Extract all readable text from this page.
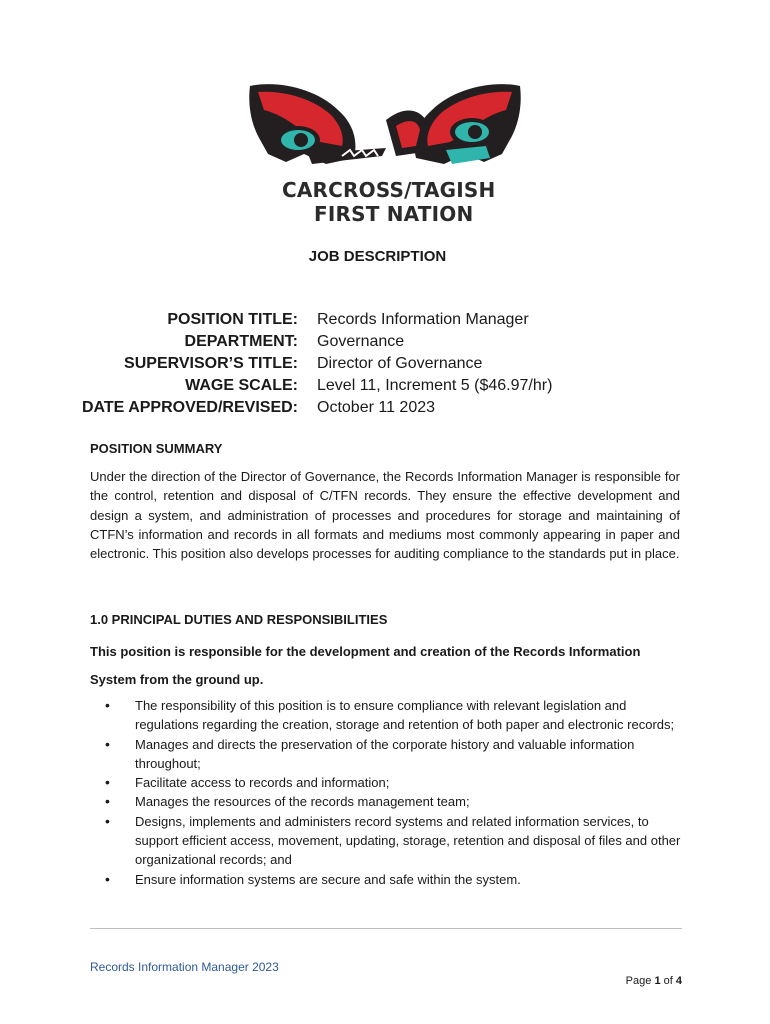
CARCROSS/TAGISH
FIRST NATION
JOB DESCRIPTION
POSITION TITLE: Records Information Manager
DEPARTMENT: Governance
SUPERVISOR’S TITLE: Director of Governance
WAGE SCALE: Level 11, Increment 5 ($46.97/hr)
DATE APPROVED/REVISED: October 11 2023
POSITION SUMMARY

Under the direction of the Director of Governance, the Records Information Manager is responsible for the control, retention and disposal of C/TFN records. They ensure the effective development and design a system, and administration of processes and procedures for storage and maintaining of CTFN’s information and records in all formats and mediums most commonly appearing in paper and electronic. This position also develops processes for auditing compliance to the standards put in place.

1.0 PRINCIPAL DUTIES AND RESPONSIBILITIES

This position is responsible for the development and creation of the Records Information System from the ground up.

• The responsibility of this position is to ensure compliance with relevant legislation and regulations regarding the creation, storage and retention of both paper and electronic records;
• Manages and directs the preservation of the corporate history and valuable information throughout;
• Facilitate access to records and information;
• Manages the resources of the records management team;
• Designs, implements and administers record systems and related information services, to support efficient access, movement, updating, storage, retention and disposal of files and other organizational records; and
• Ensure information systems are secure and safe within the system.
Records Information Manager 2023
Page 1 of 4
